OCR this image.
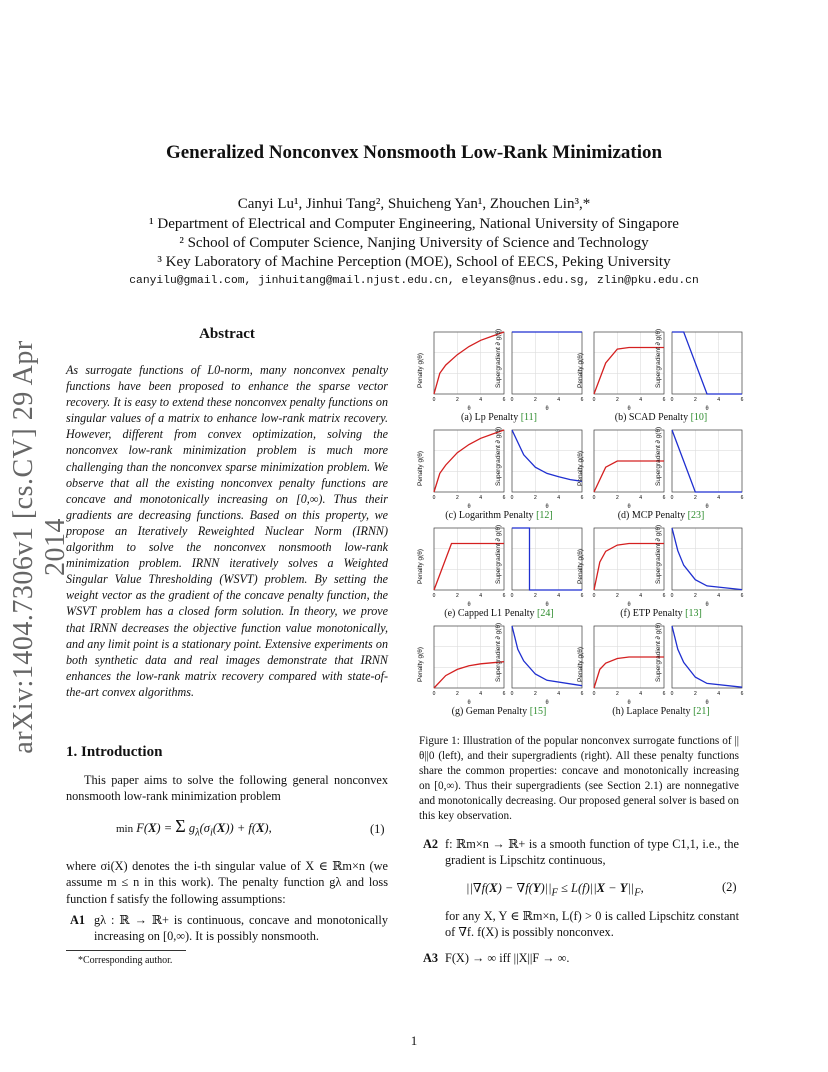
arXiv:1404.7306v1 [cs.CV] 29 Apr 2014
Generalized Nonconvex Nonsmooth Low-Rank Minimization
Canyi Lu¹, Jinhui Tang², Shuicheng Yan¹, Zhouchen Lin³,*
¹ Department of Electrical and Computer Engineering, National University of Singapore
² School of Computer Science, Nanjing University of Science and Technology
³ Key Laboratory of Machine Perception (MOE), School of EECS, Peking University
canyilu@gmail.com, jinhuitang@mail.njust.edu.cn, eleyans@nus.edu.sg, zlin@pku.edu.cn
Abstract
As surrogate functions of L0-norm, many nonconvex penalty functions have been proposed to enhance the sparse vector recovery. It is easy to extend these nonconvex penalty functions on singular values of a matrix to enhance low-rank matrix recovery. However, different from convex optimization, solving the nonconvex low-rank minimization problem is much more challenging than the nonconvex sparse minimization problem. We observe that all the existing nonconvex penalty functions are concave and monotonically increasing on [0,∞). Thus their gradients are decreasing functions. Based on this property, we propose an Iteratively Reweighted Nuclear Norm (IRNN) algorithm to solve the nonconvex nonsmooth low-rank minimization problem. IRNN iteratively solves a Weighted Singular Value Thresholding (WSVT) problem. By setting the weight vector as the gradient of the concave penalty function, the WSVT problem has a closed form solution. In theory, we prove that IRNN decreases the objective function value monotonically, and any limit point is a stationary point. Extensive experiments on both synthetic data and real images demonstrate that IRNN enhances the low-rank matrix recovery compared with state-of-the-art convex algorithms.
1. Introduction
This paper aims to solve the following general nonconvex nonsmooth low-rank minimization problem
min F(X) = Σ $g_\lambda(\sigma_i(X)) + f(X)$,	(1)
where σi(X) denotes the i-th singular value of X ∈ ℝm×n (we assume m ≤ n in this work). The penalty function gλ and loss function f satisfy the following assumptions:
A1 gλ : ℝ → ℝ+ is continuous, concave and monotonically increasing on [0,∞). It is possibly nonsmooth.
*Corresponding author.
0	2	4	6
θ
Penalty g(θ)
0	2	4	6
θ
Supergradient ∂ g(θ)
0	2	4	6
θ
Penalty g(θ)
0	2	4	6
θ
Supergradient ∂ g(θ)
0	2	4	6
θ
Penalty g(θ)
0	2	4	6
θ
Supergradient ∂ g(θ)
0	2	4	6
θ
Penalty g(θ)
0	2	4	6
θ
Supergradient ∂ g(θ)
0	2	4	6
θ
Penalty g(θ)
0	2	4	6
θ
Supergradient ∂ g(θ)
0	2	4	6
θ
Penalty g(θ)
0	2	4	6
θ
Supergradient ∂ g(θ)
0	2	4	6
θ
Penalty g(θ)
0	2	4	6
θ
Supergradient ∂ g(θ)
0	2	4	6
θ
Penalty g(θ)
0	2	4	6
θ
Supergradient ∂ g(θ)
(a) Lp Penalty [11]	(b) SCAD Penalty [10]
(c) Logarithm Penalty [12]	(d) MCP Penalty [23]
(e) Capped L1 Penalty [24]	(f) ETP Penalty [13]
(g) Geman Penalty [15]	(h) Laplace Penalty [21]
Figure 1: Illustration of the popular nonconvex surrogate functions of ||θ||0 (left), and their supergradients (right). All these penalty functions share the common properties: concave and monotonically increasing on [0,∞). Thus their supergradients (see Section 2.1) are nonnegative and monotonically decreasing. Our proposed general solver is based on this key observation.
A2 f: ℝm×n → ℝ+ is a smooth function of type C1,1, i.e., the gradient is Lipschitz continuous,
$||\nabla f(X) - \nabla f(Y)||_F \le L(f)||X - Y||_F$,	(2)
for any X, Y ∈ ℝm×n, L(f) > 0 is called Lipschitz constant of ∇f. f(X) is possibly nonconvex.
A3 F(X) → ∞ iff ||X||F → ∞.
1
